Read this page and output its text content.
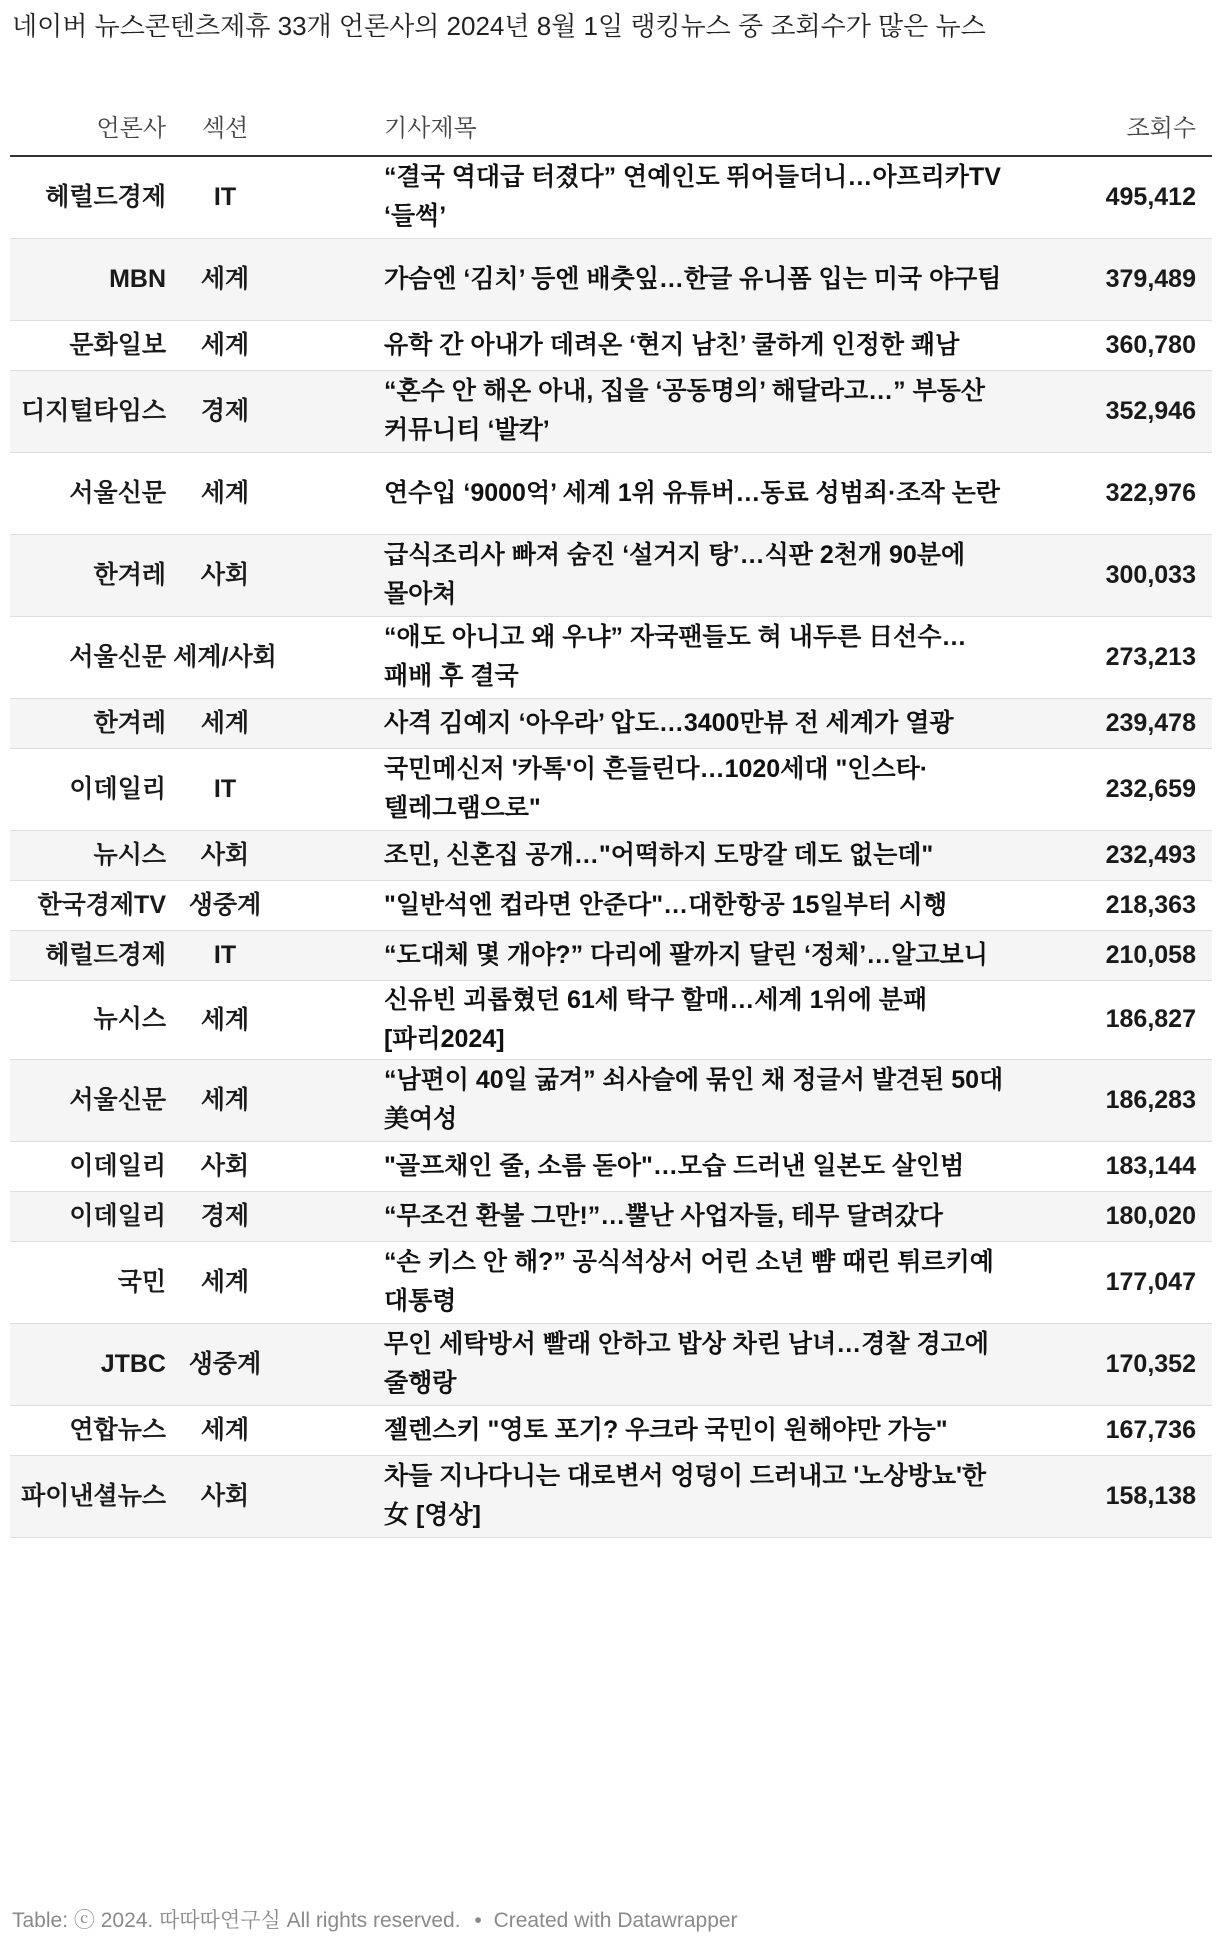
네이버 뉴스콘텐츠제휴 33개 언론사의 2024년 8월 1일 랭킹뉴스 중 조회수가 많은 뉴스
언론사	섹션		기사제목	조회수
헤럴드경제	IT		“결국 역대급 터졌다” 연예인도 뛰어들더니…아프리카TV ‘들썩’	495,412
MBN	세계		가슴엔 ‘김치’ 등엔 배춧잎…한글 유니폼 입는 미국 야구팀	379,489
문화일보	세계		유학 간 아내가 데려온 ‘현지 남친’ 쿨하게 인정한 쾌남	360,780
디지털타임스	경제		“혼수 안 해온 아내, 집을 ‘공동명의’ 해달라고…” 부동산 커뮤니티 ‘발칵’	352,946
서울신문	세계		연수입 ‘9000억’ 세계 1위 유튜버…동료 성범죄·조작 논란	322,976
한겨레	사회		급식조리사 빠져 숨진 ‘설거지 탕’…식판 2천개 90분에 몰아쳐	300,033
서울신문	세계/사회		“애도 아니고 왜 우냐” 자국팬들도 혀 내두른 日선수…패배 후 결국	273,213
한겨레	세계		사격 김예지 ‘아우라’ 압도…3400만뷰 전 세계가 열광	239,478
이데일리	IT		국민메신저 '카톡'이 흔들린다…1020세대 "인스타·텔레그램으로"	232,659
뉴시스	사회		조민, 신혼집 공개…"어떡하지 도망갈 데도 없는데"	232,493
한국경제TV	생중계		"일반석엔 컵라면 안준다"…대한항공 15일부터 시행	218,363
헤럴드경제	IT		“도대체 몇 개야?” 다리에 팔까지 달린 ‘정체’…알고보니	210,058
뉴시스	세계		신유빈 괴롭혔던 61세 탁구 할매…세계 1위에 분패[파리2024]	186,827
서울신문	세계		“남편이 40일 굶겨” 쇠사슬에 묶인 채 정글서 발견된 50대 美여성	186,283
이데일리	사회		"골프채인 줄, 소름 돋아"…모습 드러낸 일본도 살인범	183,144
이데일리	경제		“무조건 환불 그만!”…뿔난 사업자들, 테무 달려갔다	180,020
국민	세계		“손 키스 안 해?” 공식석상서 어린 소년 뺨 때린 튀르키예 대통령	177,047
JTBC	생중계		무인 세탁방서 빨래 안하고 밥상 차린 남녀…경찰 경고에 줄행랑	170,352
연합뉴스	세계		젤렌스키 "영토 포기? 우크라 국민이 원해야만 가능"	167,736
파이낸셜뉴스	사회		차들 지나다니는 대로변서 엉덩이 드러내고 '노상방뇨'한 女 [영상]	158,138
Table: ⓒ 2024. 따따따연구실 All rights reserved. • Created with Datawrapper
